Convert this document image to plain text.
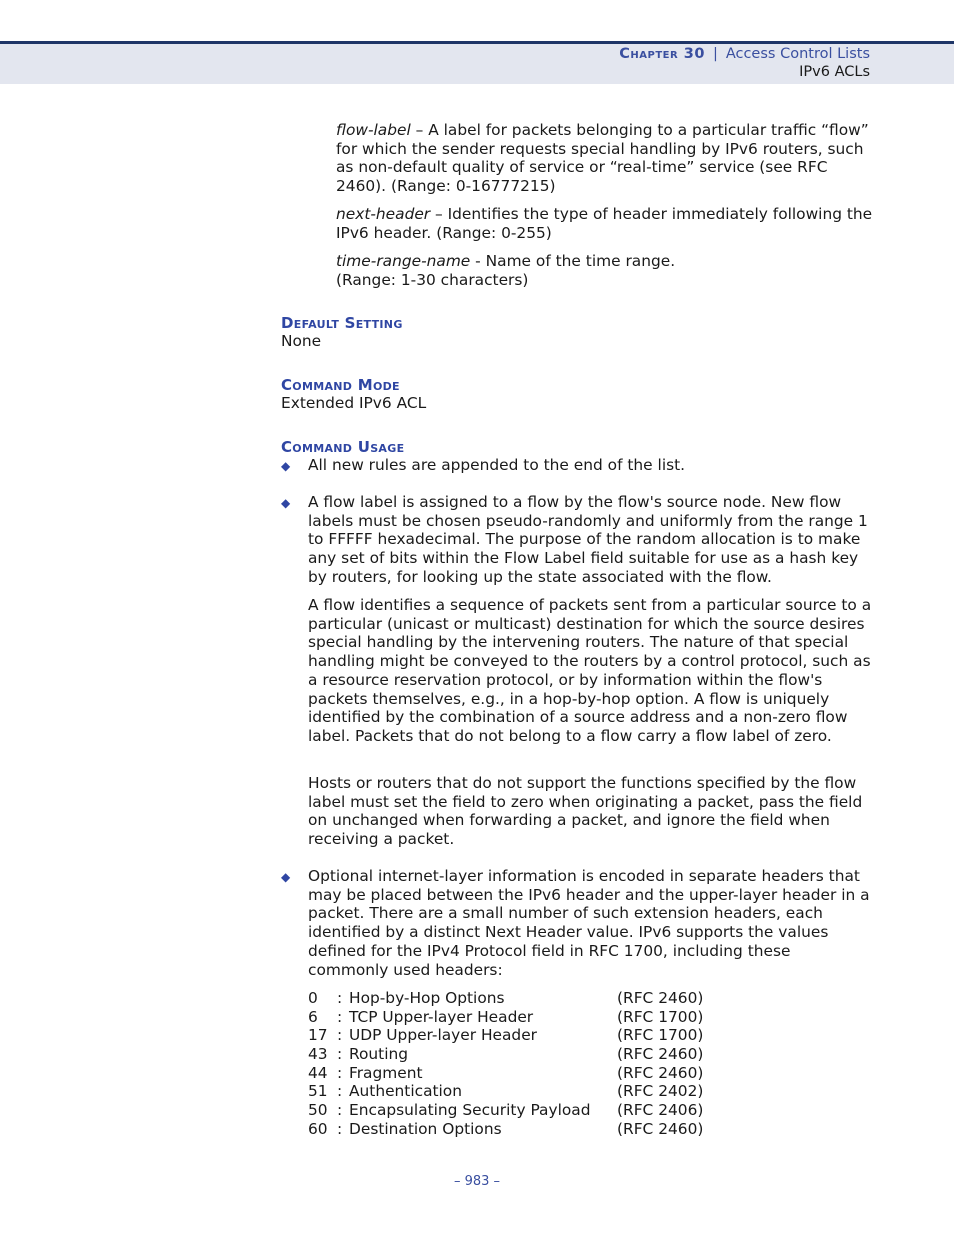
Chapter 30 | Access Control Lists
IPv6 ACLs

flow-label – A label for packets belonging to a particular traffic “flow” for which the sender requests special handling by IPv6 routers, such as non-default quality of service or “real-time” service (see RFC 2460). (Range: 0-16777215)

next-header – Identifies the type of header immediately following the IPv6 header. (Range: 0-255)

time-range-name - Name of the time range.

(Range: 1-30 characters)

Default Setting
None
Command Mode
Extended IPv6 ACL
Command Usage
◆ All new rules are appended to the end of the list.
◆ A flow label is assigned to a flow by the flow's source node. New flow labels must be chosen pseudo-randomly and uniformly from the range 1 to FFFFF hexadecimal. The purpose of the random allocation is to make any set of bits within the Flow Label field suitable for use as a hash key by routers, for looking up the state associated with the flow.
A flow identifies a sequence of packets sent from a particular source to a particular (unicast or multicast) destination for which the source desires special handling by the intervening routers. The nature of that special handling might be conveyed to the routers by a control protocol, such as a resource reservation protocol, or by information within the flow's packets themselves, e.g., in a hop-by-hop option. A flow is uniquely identified by the combination of a source address and a non-zero flow label. Packets that do not belong to a flow carry a flow label of zero.
Hosts or routers that do not support the functions specified by the flow label must set the field to zero when originating a packet, pass the field on unchanged when forwarding a packet, and ignore the field when receiving a packet.
◆ Optional internet-layer information is encoded in separate headers that may be placed between the IPv6 header and the upper-layer header in a packet. There are a small number of such extension headers, each identified by a distinct Next Header value. IPv6 supports the values defined for the IPv4 Protocol field in RFC 1700, including these commonly used headers:
0 : Hop-by-Hop Options	(RFC 2460)
6 : TCP Upper-layer Header	(RFC 1700)
17 : UDP Upper-layer Header	(RFC 1700)
43 : Routing	(RFC 2460)
44 : Fragment	(RFC 2460)
51 : Authentication	(RFC 2402)
50 : Encapsulating Security Payload (RFC 2406)
60 : Destination Options	(RFC 2460)
– 983 –
